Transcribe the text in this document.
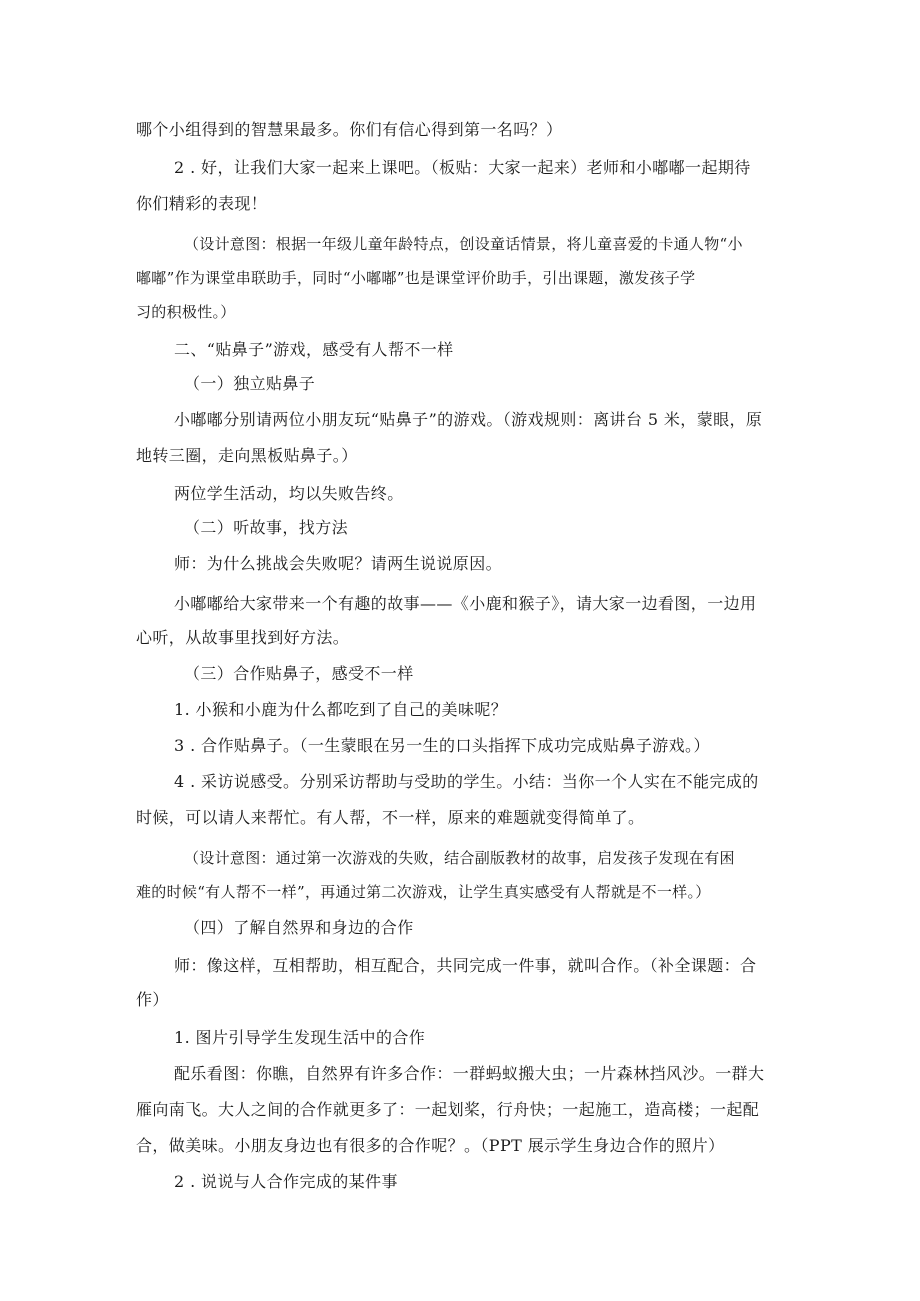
哪个小组得到的智慧果最多。你们有信心得到第一名吗？）
2 . 好，让我们大家一起来上课吧。（板贴：大家一起来）老师和小嘟嘟一起期待
你们精彩的表现！
（设计意图：根据一年级儿童年龄特点，创设童话情景，将儿童喜爱的卡通人物“小
嘟嘟”作为课堂串联助手，同时“小嘟嘟”也是课堂评价助手，引出课题，激发孩子学
习的积极性。）
二、“贴鼻子”游戏，感受有人帮不一样
（一）独立贴鼻子
小嘟嘟分别请两位小朋友玩“贴鼻子”的游戏。（游戏规则：离讲台 5 米，蒙眼，原
地转三圈，走向黑板贴鼻子。）
两位学生活动，均以失败告终。
（二）听故事，找方法
师：为什么挑战会失败呢？请两生说说原因。
小嘟嘟给大家带来一个有趣的故事——《小鹿和猴子》，请大家一边看图，一边用
心听，从故事里找到好方法。
（三）合作贴鼻子，感受不一样
1. 小猴和小鹿为什么都吃到了自己的美味呢？
3 . 合作贴鼻子。（一生蒙眼在另一生的口头指挥下成功完成贴鼻子游戏。）
4 . 采访说感受。分别采访帮助与受助的学生。小结：当你一个人实在不能完成的
时候，可以请人来帮忙。有人帮，不一样，原来的难题就变得简单了。
（设计意图：通过第一次游戏的失败，结合副版教材的故事，启发孩子发现在有困
难的时候“有人帮不一样”，再通过第二次游戏，让学生真实感受有人帮就是不一样。）
（四）了解自然界和身边的合作
师：像这样，互相帮助，相互配合，共同完成一件事，就叫合作。（补全课题：合
作）
1. 图片引导学生发现生活中的合作
配乐看图：你瞧，自然界有许多合作：一群蚂蚁搬大虫；一片森林挡风沙。一群大
雁向南飞。大人之间的合作就更多了：一起划桨，行舟快；一起施工，造高楼；一起配
合，做美味。小朋友身边也有很多的合作呢？。（PPT 展示学生身边合作的照片）
2 . 说说与人合作完成的某件事
